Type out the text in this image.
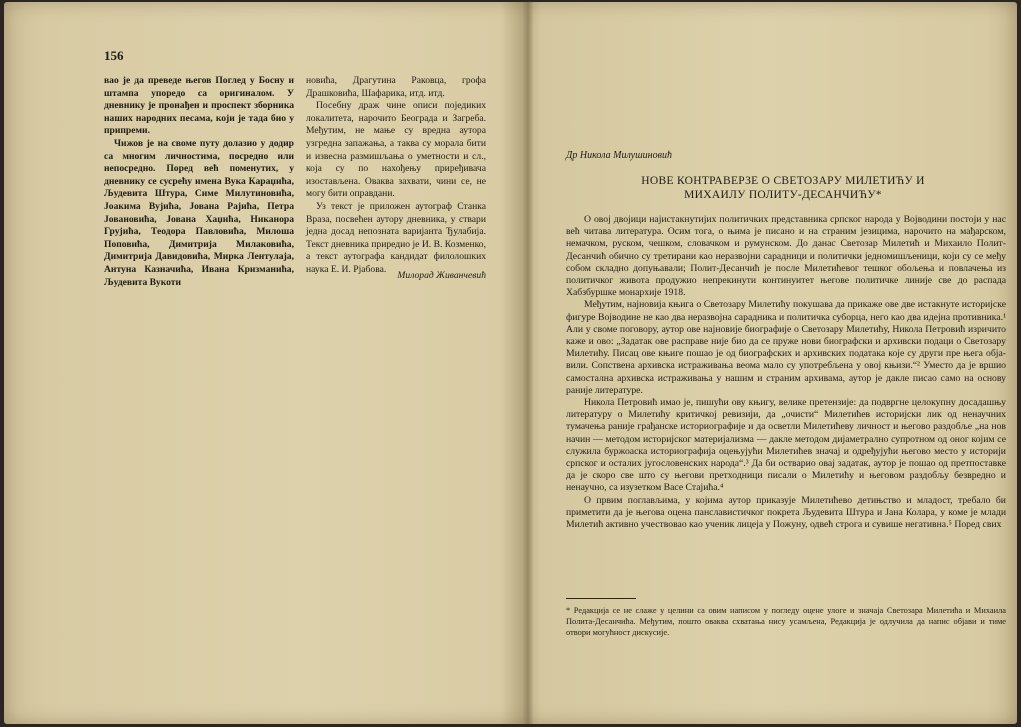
156

вао је да преведе његов Поглед у Босну и штампа упоредо са оригиналом. У дневнику је пронађен и проспект зборника наших народних песама, који је тада био у припреми.

Чижов је на своме путу долазио у додир са многим личностима, посредно или непосредно. Поред већ поменутих, у дневнику се сусрећу имена Вука Караџића, Људевита Штура, Симе Милутиновића, Јоакима Вујића, Јована Рајића, Петра Јовановића, Јована Хаџића, Никанора Грујића, Теодора Павловића, Милоша Поповића, Димитрија Милаковића, Димитрија Давидовића, Мирка Лентулаја, Антуна Казначића, Ивана Кризманића, Људевита Вукоти

новића, Драгутина Раковца, грофа Драшковића, Шафарика, итд. итд.

Посебну драж чине описи поједиких локалитета, нарочито Београда и Загреба. Међутим, не мање су вредна аутора узгредна запажања, а таква су морала бити и извесна размишљања о уметности и сл., која су по нахођењу приређивача изостављена. Оваква захвати, чини се, не могу бити оправдани.

Уз текст је приложен аутограф Станка Враза, посвећен аутору дневника, у ствари једна досад непозната варијанта Ђулабија. Текст дневника приредио је И. В. Козменко, а текст аутографа кандидат филолошких наука Е. И. Рјабова.

Милорад Живанчевић
Др Никола Милушиновић
НОВЕ КОНТРАВЕРЗЕ О СВЕТОЗАРУ МИЛЕТИЋУ И
МИХАИЛУ ПОЛИТУ-ДЕСАНЧИЋУ*

О овој двојици најистакнутијих политичких представника српског народа у Војводини постоји у нас већ читава литература. Осим тога, о њима је писано и на страним језицима, нарочито на мађарском, немачком, руском, чешком, словачком и румунском. До данас Светозар Милетић и Михаило Полит-Десанчић обично су третирани као неразвојни сарадници и политички једномишљеници, који су се међу собом складно допуњавали; Полит-Десанчић је после Милетићевог тешког обољења и повлачења из политичког живота продужио непрекинути континуитет његове политичке линије све до распада Хабзбуршке монархије 1918.

Међутим, најновија књига о Светозару Милетићу покушава да прикаже ове две истакнуте историјске фигуре Војводине не као два неразвојна сарадника и политичка суборца, него као два идејна противника.¹ Али у своме поговору, аутор ове најновије биографије о Светозару Милетићу, Никола Петровић изричито каже и ово: „Задатак ове расправе није био да се пруже нови биографски и архивски подаци о Светозару Милетићу. Писац ове књиге пошао је од биографских и архивских података које су други пре њега објавили. Сопствена архивска истраживања веома мало су употребљена у овој књизи.“² Уместо да је вршио самостална архивска истраживања у нашим и страним архивама, аутор је дакле писао само на основу ранијe литературе.

Никола Петровић имао је, пишући ову књигу, велике претензије: да подвргне целокупну досадашњу литературу о Милетићу критичкој ревизији, да „очисти“ Милетићев историјски лик од ненаучних тумачења раније грађанске историографије и да осветли Милетићеву личност и његово раздобље „на нов начин — методом историјског материјализма — дакле методом дијаметрално супротном од оног којим се служила буржоаска историографија оцењујући Милетићев значај и одређујући његово место у историји српског и осталих југословенских народа“.³ Да би остварио овај задатак, аутор је пошао од претпоставке да је скоро све што су његови претходници писали о Милетићу и његовом раздобљу безвредно и ненаучно, са изузетком Васе Стајића.⁴

О првим поглављима, у којима аутор приказује Милетићево детињство и младост, требало би приметити да је његова оцена панславистичког покрета Људевита Штура и Јана Колара, у коме је млади Милетић активно учествовао као ученик лицеја у Пожуну, одвећ строга и сувише негативна.⁵ Поред свих

* Редакција се не слаже у целини са овим написом у погледу оцене улоге и значаја Светозара Милетића и Михаила Полита-Десанчића. Међутим, пошто оваква схватања нису усамљена, Редакција је одлучила да напис објави и тиме отвори могућност дискусије.
